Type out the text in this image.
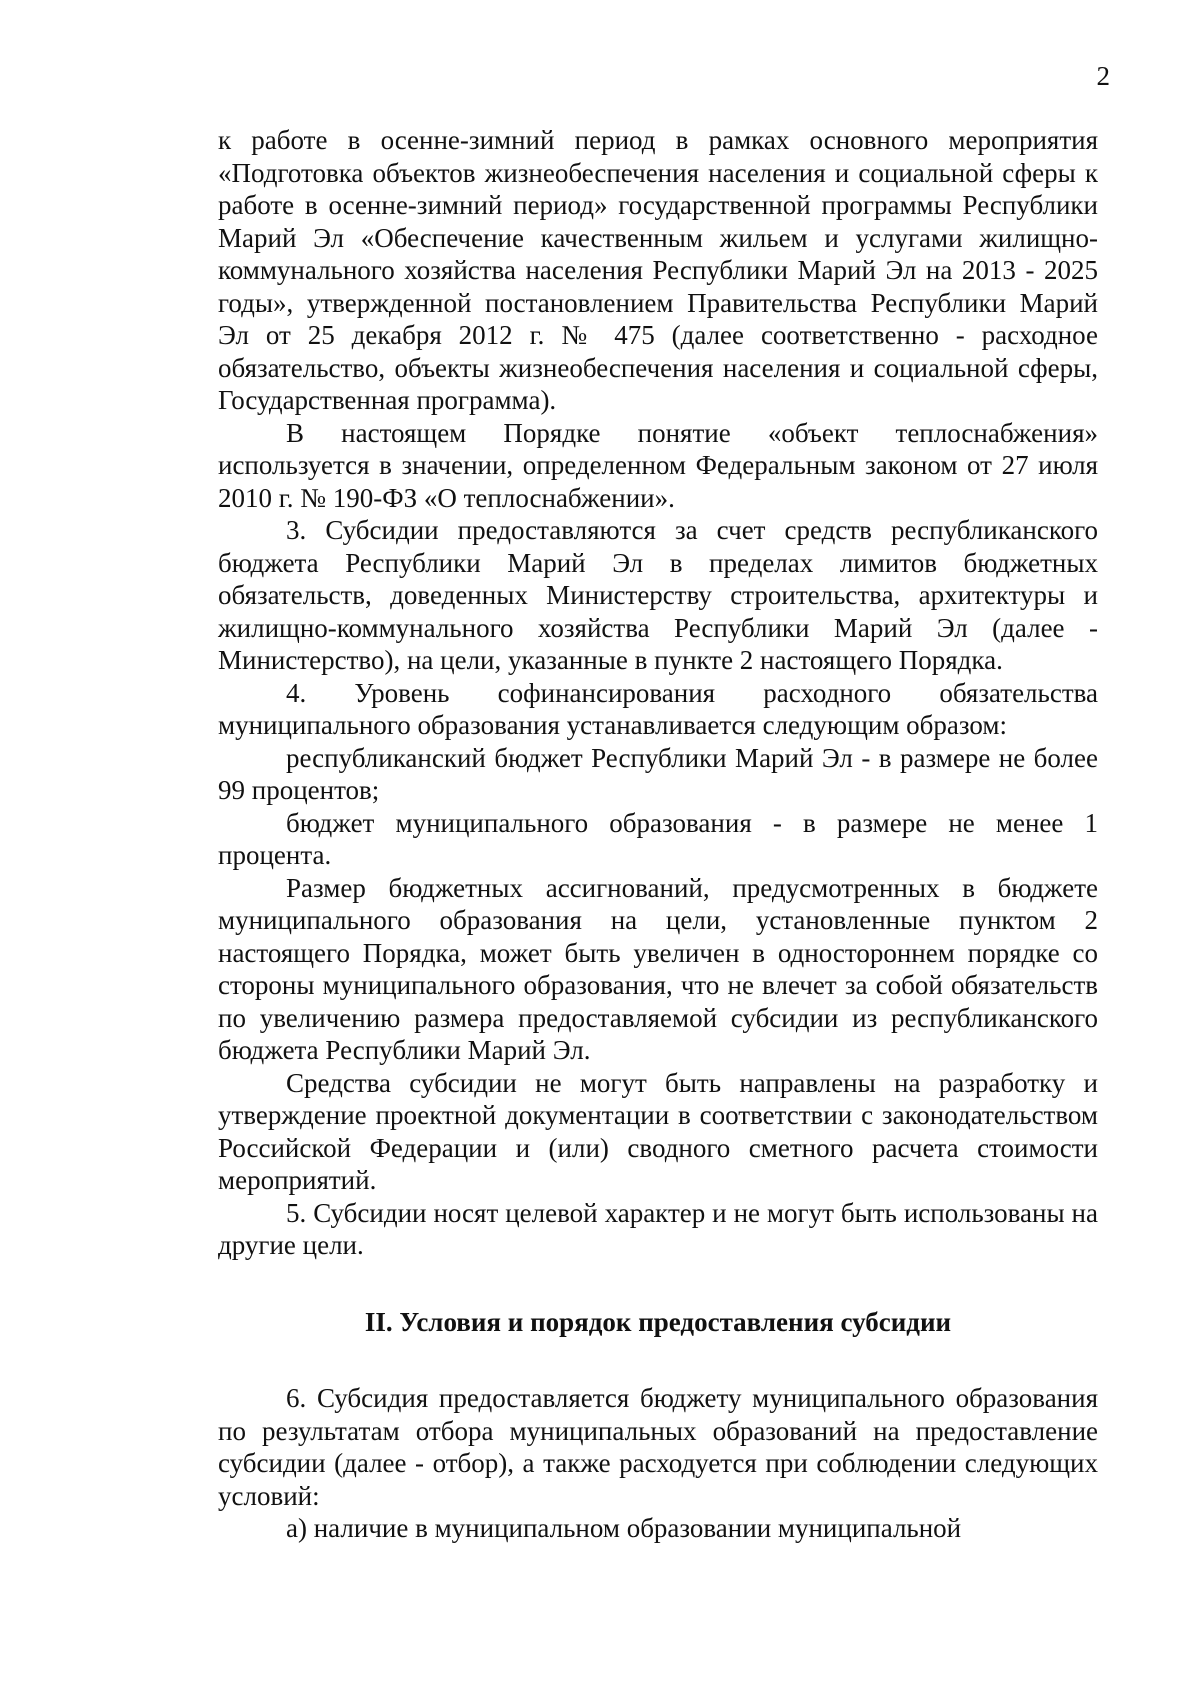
2

к работе в осенне-зимний период в рамках основного мероприятия «Подготовка объектов жизнеобеспечения населения и социальной сферы к работе в осенне-зимний период» государственной программы Республики Марий Эл «Обеспечение качественным жильем и услугами жилищно-коммунального хозяйства населения Республики Марий Эл на 2013 - 2025 годы», утвержденной постановлением Правительства Республики Марий Эл от 25 декабря 2012 г. № 475 (далее соответственно - расходное обязательство, объекты жизнеобеспечения населения и социальной сферы, Государственная программа).

В настоящем Порядке понятие «объект теплоснабжения» используется в значении, определенном Федеральным законом от 27 июля 2010 г. № 190-ФЗ «О теплоснабжении».

3. Субсидии предоставляются за счет средств республиканского бюджета Республики Марий Эл в пределах лимитов бюджетных обязательств, доведенных Министерству строительства, архитектуры и жилищно-коммунального хозяйства Республики Марий Эл (далее - Министерство), на цели, указанные в пункте 2 настоящего Порядка.

4. Уровень софинансирования расходного обязательства муниципального образования устанавливается следующим образом:

республиканский бюджет Республики Марий Эл - в размере не более 99 процентов;

бюджет муниципального образования - в размере не менее 1 процента.

Размер бюджетных ассигнований, предусмотренных в бюджете муниципального образования на цели, установленные пунктом 2 настоящего Порядка, может быть увеличен в одностороннем порядке со стороны муниципального образования, что не влечет за собой обязательств по увеличению размера предоставляемой субсидии из республиканского бюджета Республики Марий Эл.

Средства субсидии не могут быть направлены на разработку и утверждение проектной документации в соответствии с законодательством Российской Федерации и (или) сводного сметного расчета стоимости мероприятий.

5. Субсидии носят целевой характер и не могут быть использованы на другие цели.

II. Условия и порядок предоставления субсидии

6. Субсидия предоставляется бюджету муниципального образования по результатам отбора муниципальных образований на предоставление субсидии (далее - отбор), а также расходуется при соблюдении следующих условий:

а) наличие в муниципальном образовании муниципальной
